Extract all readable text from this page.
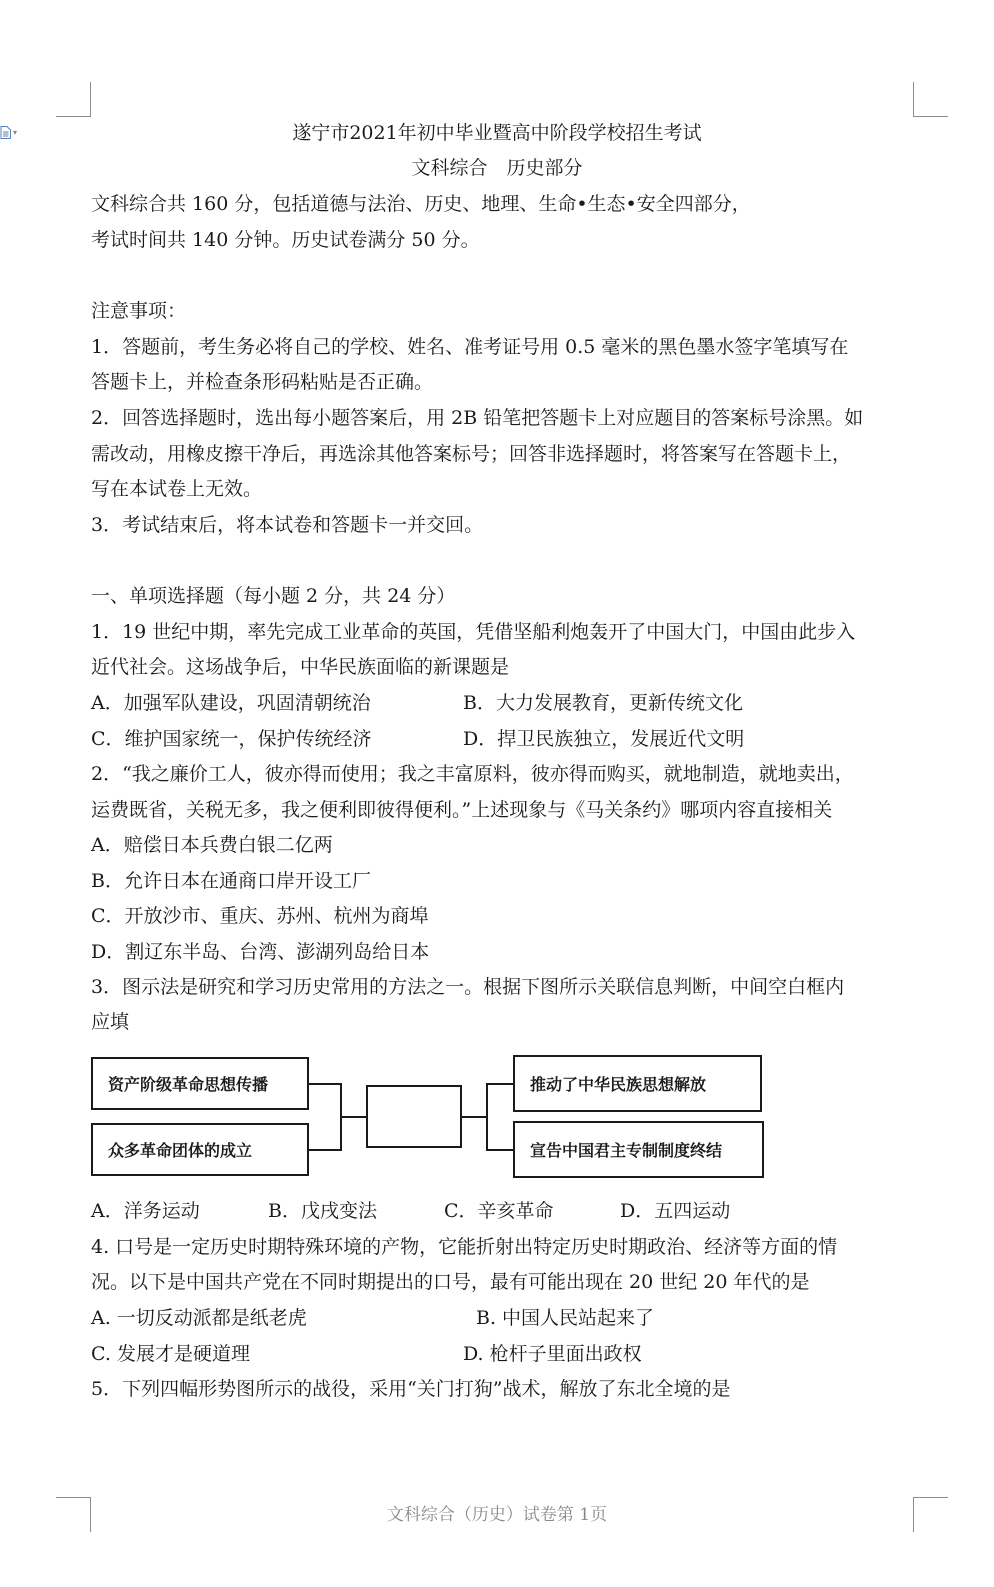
▾	遂宁市2021年初中毕业暨高中阶段学校招生考试
文科综合　历史部分
文科综合共 160 分，包括道德与法治、历史、地理、生命•生态•安全四部分，
考试时间共 140 分钟。历史试卷满分 50 分。
注意事项：
1．答题前，考生务必将自己的学校、姓名、准考证号用 0.5 毫米的黑色墨水签字笔填写在
答题卡上，并检查条形码粘贴是否正确。
2．回答选择题时，选出每小题答案后，用 2B 铅笔把答题卡上对应题目的答案标号涂黑。如
需改动，用橡皮擦干净后，再选涂其他答案标号；回答非选择题时，将答案写在答题卡上，
写在本试卷上无效。
3．考试结束后，将本试卷和答题卡一并交回。
一、单项选择题（每小题 2 分，共 24 分）
1．19 世纪中期，率先完成工业革命的英国，凭借坚船利炮轰开了中国大门，中国由此步入
近代社会。这场战争后，中华民族面临的新课题是
A．加强军队建设，巩固清朝统治	B．大力发展教育，更新传统文化
C．维护国家统一，保护传统经济	D．捍卫民族独立，发展近代文明
2．“我之廉价工人，彼亦得而使用；我之丰富原料，彼亦得而购买，就地制造，就地卖出，
运费既省，关税无多，我之便利即彼得便利。”上述现象与《马关条约》哪项内容直接相关
A．赔偿日本兵费白银二亿两
B．允许日本在通商口岸开设工厂
C．开放沙市、重庆、苏州、杭州为商埠
D．割辽东半岛、台湾、澎湖列岛给日本
3．图示法是研究和学习历史常用的方法之一。根据下图所示关联信息判断，中间空白框内
应填
资产阶级革命思想传播
众多革命团体的成立
推动了中华民族思想解放
宣告中国君主专制制度终结
A．洋务运动	B．戊戌变法	C．辛亥革命	D．五四运动
4. 口号是一定历史时期特殊环境的产物，它能折射出特定历史时期政治、经济等方面的情
况。以下是中国共产党在不同时期提出的口号，最有可能出现在 20 世纪 20 年代的是
A. 一切反动派都是纸老虎	B. 中国人民站起来了
C. 发展才是硬道理	D. 枪杆子里面出政权
5．下列四幅形势图所示的战役，采用“关门打狗”战术，解放了东北全境的是
文科综合（历史）试卷第 1页
